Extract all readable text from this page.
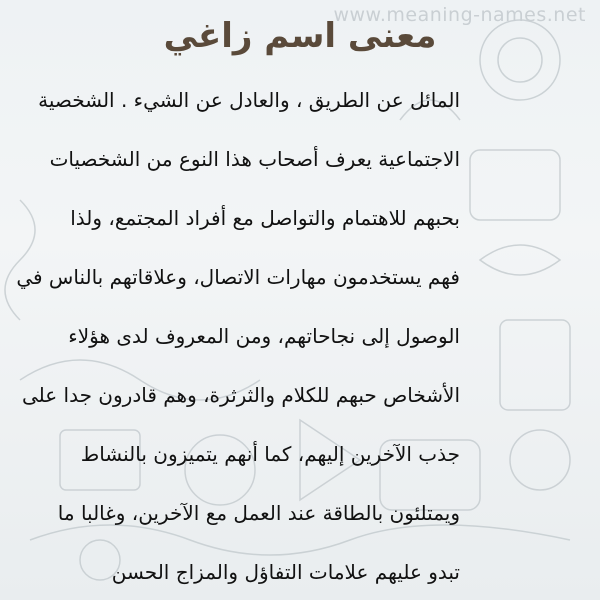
www.meaning-names.net
معنى اسم زاغي
المائل عن الطريق ، والعادل عن الشيء . الشخصية
الاجتماعية يعرف أصحاب هذا النوع من الشخصيات
بحبهم للاهتمام والتواصل مع أفراد المجتمع، ولذا
فهم يستخدمون مهارات الاتصال، وعلاقاتهم بالناس في
الوصول إلى نجاحاتهم، ومن المعروف لدى هؤلاء
الأشخاص حبهم للكلام والثرثرة، وهم قادرون جدا على
جذب الآخرين إليهم، كما أنهم يتميزون بالنشاط
ويمتلئون بالطاقة عند العمل مع الآخرين، وغالبا ما
تبدو عليهم علامات التفاؤل والمزاج الحسن
